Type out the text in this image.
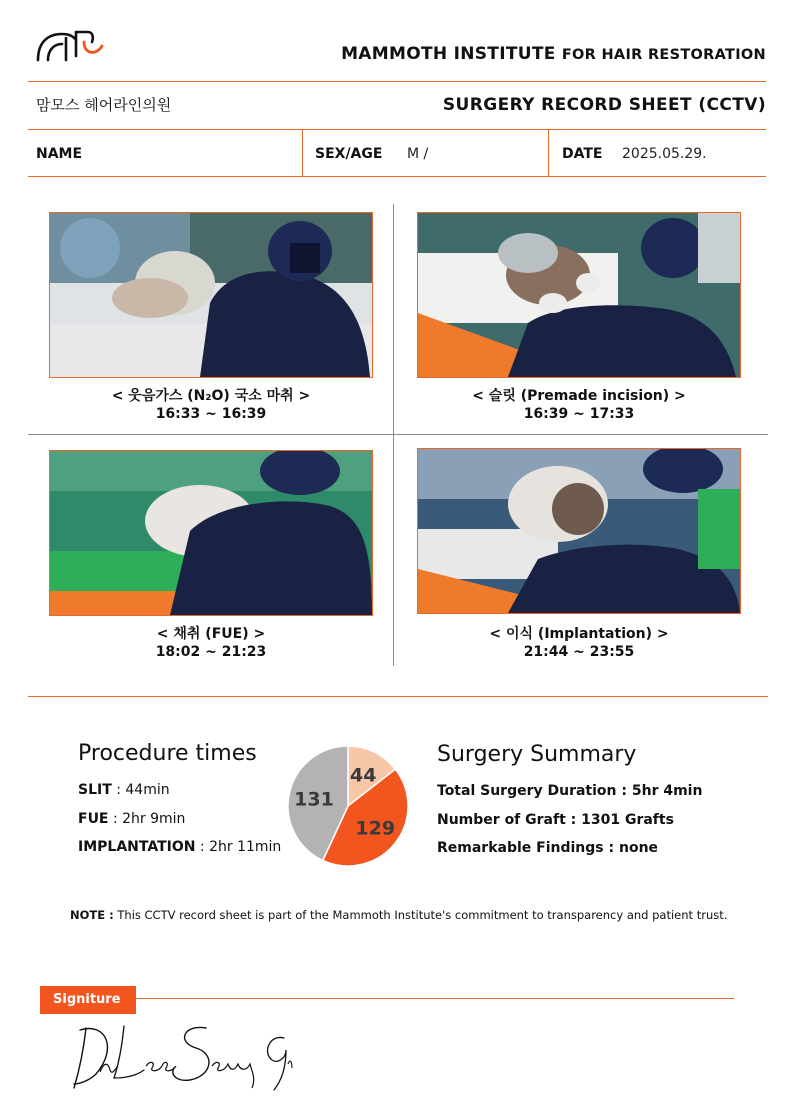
MAMMOTH INSTITUTE FOR HAIR RESTORATION
맘모스 헤어라인의원	SURGERY RECORD SHEET (CCTV)
NAME	SEX/AGE M /	DATE 2025.05.29.
< 웃음가스 (N₂O) 국소 마취 >
16:33 ~ 16:39
< 슬릿 (Premade incision) >
16:39 ~ 17:33
< 채취 (FUE) >
18:02 ~ 21:23
< 이식 (Implantation) >
21:44 ~ 23:55
Procedure times
SLIT : 44min
FUE : 2hr 9min
IMPLANTATION : 2hr 11min
44
129
131
Surgery Summary
Total Surgery Duration : 5hr 4min
Number of Graft : 1301 Grafts
Remarkable Findings : none
NOTE : This CCTV record sheet is part of the Mammoth Institute's commitment to transparency and patient trust.
Signiture
